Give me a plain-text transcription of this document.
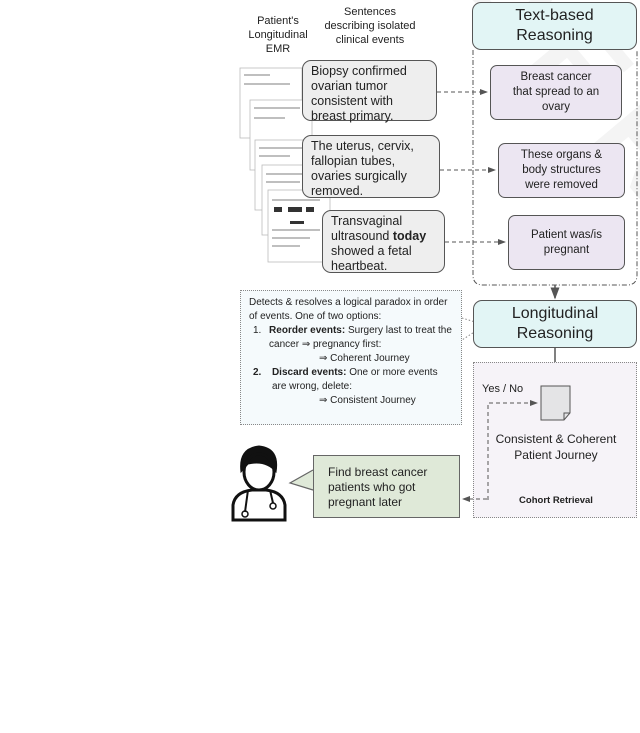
Patient's
Longitudinal
EMR
Sentences
describing isolated
clinical events
Text-based
Reasoning
Biopsy confirmed ovarian tumor consistent with breast primary.
The uterus, cervix, fallopian tubes, ovaries surgically removed.
Transvaginal ultrasound today showed a fetal heartbeat.
Breast cancer that spread to an ovary
These organs & body structures were removed
Patient was/is pregnant
Detects & resolves a logical paradox in order of events. One of two options:
1. Reorder events: Surgery last to treat the cancer ⇒ pregnancy first:
⇒ Coherent Journey
2.	Discard events: One or more events are wrong, delete:
⇒ Consistent Journey
Longitudinal
Reasoning
Yes / No
Consistent & Coherent
Patient Journey
Cohort Retrieval
Find breast cancer patients who got pregnant later
